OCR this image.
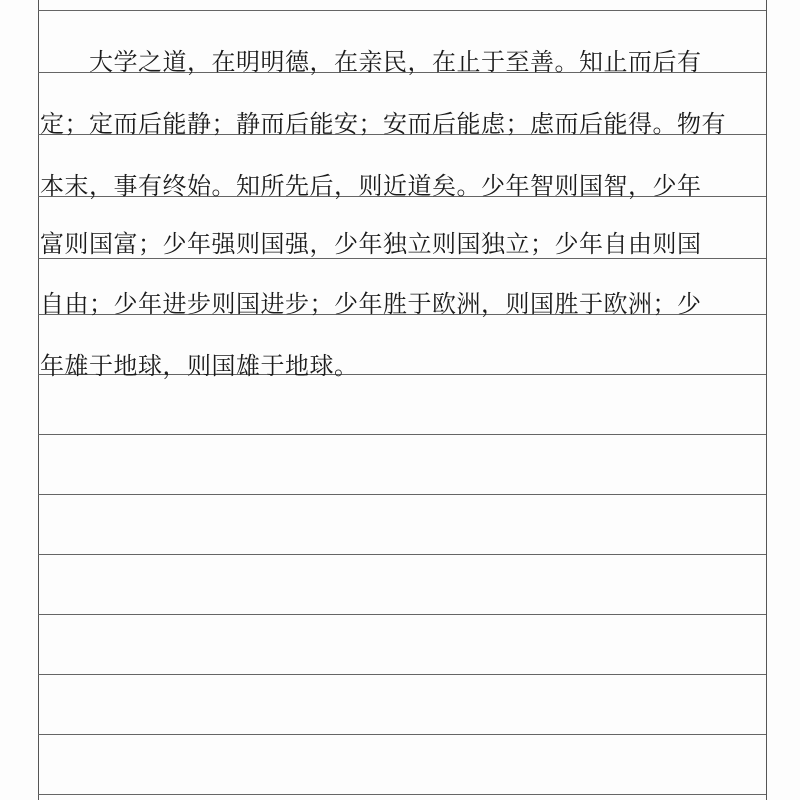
　　大学之道，在明明德，在亲民，在止于至善。知止而后有
定；定而后能静；静而后能安；安而后能虑；虑而后能得。物有
本末，事有终始。知所先后，则近道矣。少年智则国智，少年
富则国富；少年强则国强，少年独立则国独立；少年自由则国
自由；少年进步则国进步；少年胜于欧洲，则国胜于欧洲；少
年雄于地球，则国雄于地球。
